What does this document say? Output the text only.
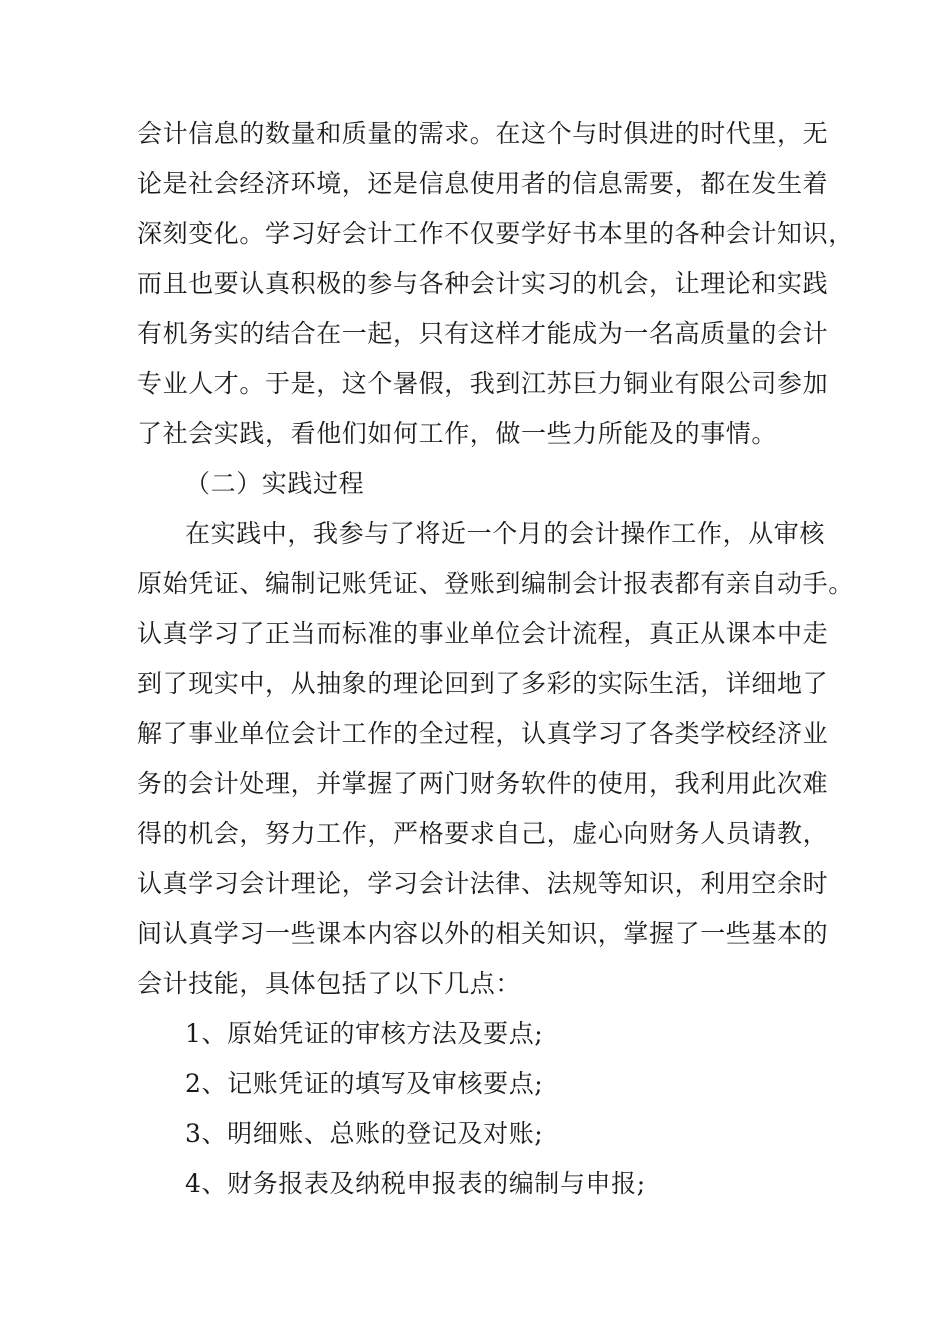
会计信息的数量和质量的需求。在这个与时俱进的时代里，无
论是社会经济环境，还是信息使用者的信息需要，都在发生着
深刻变化。学习好会计工作不仅要学好书本里的各种会计知识，
而且也要认真积极的参与各种会计实习的机会，让理论和实践
有机务实的结合在一起，只有这样才能成为一名高质量的会计
专业人才。于是，这个暑假，我到江苏巨力铜业有限公司参加
了社会实践，看他们如何工作，做一些力所能及的事情。
（二）实践过程
在实践中，我参与了将近一个月的会计操作工作，从审核
原始凭证、编制记账凭证、登账到编制会计报表都有亲自动手。
认真学习了正当而标准的事业单位会计流程，真正从课本中走
到了现实中，从抽象的理论回到了多彩的实际生活，详细地了
解了事业单位会计工作的全过程，认真学习了各类学校经济业
务的会计处理，并掌握了两门财务软件的使用，我利用此次难
得的机会，努力工作，严格要求自己，虚心向财务人员请教，
认真学习会计理论，学习会计法律、法规等知识，利用空余时
间认真学习一些课本内容以外的相关知识，掌握了一些基本的
会计技能，具体包括了以下几点：
1、原始凭证的审核方法及要点;
2、记账凭证的填写及审核要点;
3、明细账、总账的登记及对账;
4、财务报表及纳税申报表的编制与申报;
